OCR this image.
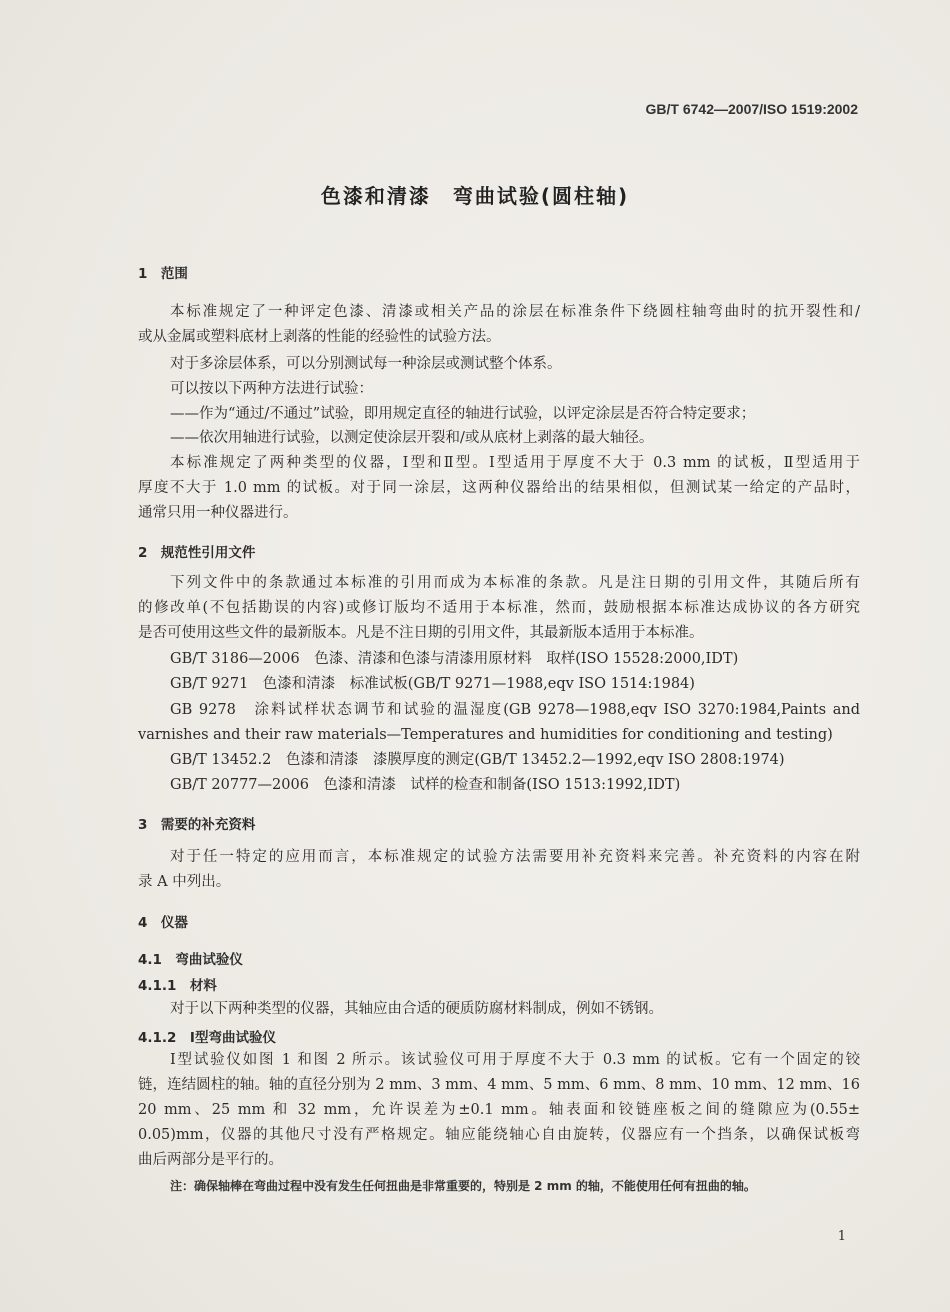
GB/T 6742—2007/ISO 1519:2002
色漆和清漆　弯曲试验(圆柱轴)
1　范围
本标准规定了一种评定色漆、清漆或相关产品的涂层在标准条件下绕圆柱轴弯曲时的抗开裂性和/
或从金属或塑料底材上剥落的性能的经验性的试验方法。
对于多涂层体系，可以分别测试每一种涂层或测试整个体系。
可以按以下两种方法进行试验：
——作为“通过/不通过”试验，即用规定直径的轴进行试验，以评定涂层是否符合特定要求；
——依次用轴进行试验，以测定使涂层开裂和/或从底材上剥落的最大轴径。
本标准规定了两种类型的仪器，Ⅰ型和Ⅱ型。Ⅰ型适用于厚度不大于 0.3 mm 的试板，Ⅱ型适用于
厚度不大于 1.0 mm 的试板。对于同一涂层，这两种仪器给出的结果相似，但测试某一给定的产品时，
通常只用一种仪器进行。
2　规范性引用文件
下列文件中的条款通过本标准的引用而成为本标准的条款。凡是注日期的引用文件，其随后所有
的修改单(不包括勘误的内容)或修订版均不适用于本标准，然而，鼓励根据本标准达成协议的各方研究
是否可使用这些文件的最新版本。凡是不注日期的引用文件，其最新版本适用于本标准。
GB/T 3186—2006　色漆、清漆和色漆与清漆用原材料　取样(ISO 15528:2000,IDT)
GB/T 9271　色漆和清漆　标准试板(GB/T 9271—1988,eqv ISO 1514:1984)
GB 9278　涂料试样状态调节和试验的温湿度(GB 9278—1988,eqv ISO 3270:1984,Paints and
varnishes and their raw materials—Temperatures and humidities for conditioning and testing)
GB/T 13452.2　色漆和清漆　漆膜厚度的测定(GB/T 13452.2—1992,eqv ISO 2808:1974)
GB/T 20777—2006　色漆和清漆　试样的检查和制备(ISO 1513:1992,IDT)
3　需要的补充资料
对于任一特定的应用而言，本标准规定的试验方法需要用补充资料来完善。补充资料的内容在附
录 A 中列出。
4　仪器
4.1　弯曲试验仪
4.1.1　材料
对于以下两种类型的仪器，其轴应由合适的硬质防腐材料制成，例如不锈钢。
4.1.2　Ⅰ型弯曲试验仪
Ⅰ型试验仪如图 1 和图 2 所示。该试验仪可用于厚度不大于 0.3 mm 的试板。它有一个固定的铰
链，连结圆柱的轴。轴的直径分别为 2 mm、3 mm、4 mm、5 mm、6 mm、8 mm、10 mm、12 mm、16
20 mm、25 mm 和 32 mm，允许误差为±0.1 mm。轴表面和铰链座板之间的缝隙应为(0.55±
0.05)mm，仪器的其他尺寸没有严格规定。轴应能绕轴心自由旋转，仪器应有一个挡条，以确保试板弯
曲后两部分是平行的。
注：确保轴棒在弯曲过程中没有发生任何扭曲是非常重要的，特别是 2 mm 的轴，不能使用任何有扭曲的轴。
1
